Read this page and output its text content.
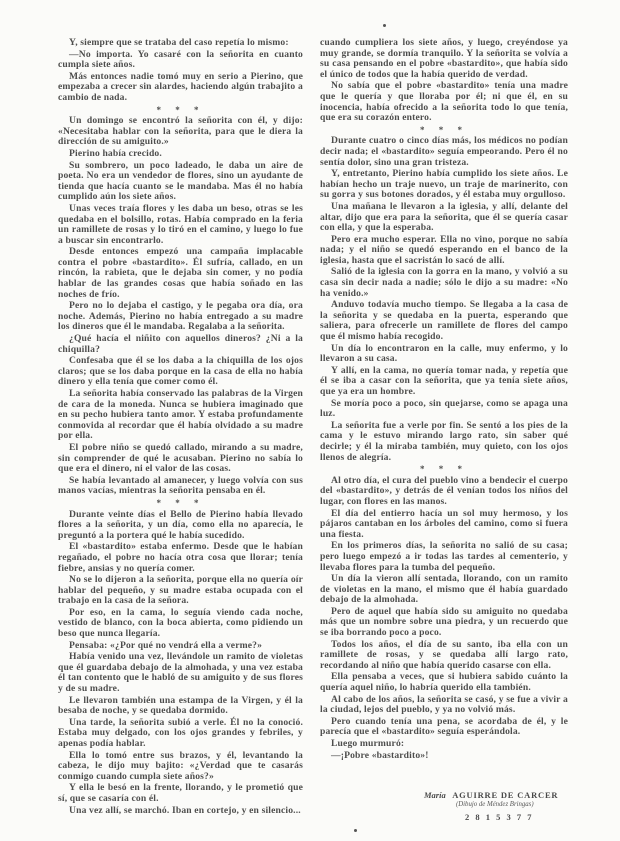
Y, siempre que se trataba del caso repetía lo mismo:

—No importa. Yo casaré con la señorita en cuanto cumpla siete años.

Más entonces nadie tomó muy en serio a Pierino, que empezaba a crecer sin alardes, haciendo algún trabajito a cambio de nada.

* * *

Un domingo se encontró la señorita con él, y dijo: «Necesitaba hablar con la señorita, para que le diera la dirección de su amiguito.»

Pierino había crecido.

Su sombrero, un poco ladeado, le daba un aire de poeta. No era un vendedor de flores, sino un ayudante de tienda que hacía cuanto se le mandaba. Mas él no había cumplido aún los siete años.

Unas veces traía flores y les daba un beso, otras se les quedaba en el bolsillo, rotas. Había comprado en la feria un ramillete de rosas y lo tiró en el camino, y luego lo fue a buscar sin encontrarlo.

Desde entonces empezó una campaña implacable contra el pobre «bastardito». Él sufría, callado, en un rincón, la rabieta, que le dejaba sin comer, y no podía hablar de las grandes cosas que había soñado en las noches de frío.

Pero no lo dejaba el castigo, y le pegaba ora día, ora noche. Además, Pierino no había entregado a su madre los dineros que él le mandaba. Regalaba a la señorita.

¿Qué hacía el niñito con aquellos dineros? ¿Ni a la chiquilla?

Confesaba que él se los daba a la chiquilla de los ojos claros; que se los daba porque en la casa de ella no había dinero y ella tenía que comer como él.

La señorita había conservado las palabras de la Virgen de cara de la moneda. Nunca se hubiera imaginado que en su pecho hubiera tanto amor. Y estaba profundamente conmovida al recordar que él había olvidado a su madre por ella.

El pobre niño se quedó callado, mirando a su madre, sin comprender de qué le acusaban. Pierino no sabía lo que era el dinero, ni el valor de las cosas.

Se había levantado al amanecer, y luego volvía con sus manos vacías, mientras la señorita pensaba en él.

* * *

Durante veinte días el Bello de Pierino había llevado flores a la señorita, y un día, como ella no aparecía, le preguntó a la portera qué le había sucedido.

El «bastardito» estaba enfermo. Desde que le habían regañado, el pobre no hacía otra cosa que llorar; tenía fiebre, ansias y no quería comer.

No se lo dijeron a la señorita, porque ella no quería oír hablar del pequeño, y su madre estaba ocupada con el trabajo en la casa de la señora.

Por eso, en la cama, lo seguía viendo cada noche, vestido de blanco, con la boca abierta, como pidiendo un beso que nunca llegaría.

Pensaba: «¿Por qué no vendrá ella a verme?»

Había venido una vez, llevándole un ramito de violetas que él guardaba debajo de la almohada, y una vez estaba él tan contento que le habló de su amiguito y de sus flores y de su madre.

Le llevaron también una estampa de la Virgen, y él la besaba de noche, y se quedaba dormido.

Una tarde, la señorita subió a verle. Él no la conoció. Estaba muy delgado, con los ojos grandes y febriles, y apenas podía hablar.

Ella lo tomó entre sus brazos, y él, levantando la cabeza, le dijo muy bajito: «¿Verdad que te casarás conmigo cuando cumpla siete años?»

Y ella le besó en la frente, llorando, y le prometió que sí, que se casaría con él.

Una vez allí, se marchó. Iban en cortejo, y en silencio...

cuando cumpliera los siete años, y luego, creyéndose ya muy grande, se dormía tranquilo. Y la señorita se volvía a su casa pensando en el pobre «bastardito», que había sido el único de todos que la había querido de verdad.

No sabía que el pobre «bastardito» tenía una madre que le quería y que lloraba por él; ni que él, en su inocencia, había ofrecido a la señorita todo lo que tenía, que era su corazón entero.

* * *

Durante cuatro o cinco días más, los médicos no podían decir nada; el «bastardito» seguía empeorando. Pero él no sentía dolor, sino una gran tristeza.

Y, entretanto, Pierino había cumplido los siete años. Le habían hecho un traje nuevo, un traje de marinerito, con su gorra y sus botones dorados, y él estaba muy orgulloso.

Una mañana le llevaron a la iglesia, y allí, delante del altar, dijo que era para la señorita, que él se quería casar con ella, y que la esperaba.

Pero era mucho esperar. Ella no vino, porque no sabía nada; y el niño se quedó esperando en el banco de la iglesia, hasta que el sacristán lo sacó de allí.

Salió de la iglesia con la gorra en la mano, y volvió a su casa sin decir nada a nadie; sólo le dijo a su madre: «No ha venido.»

Anduvo todavía mucho tiempo. Se llegaba a la casa de la señorita y se quedaba en la puerta, esperando que saliera, para ofrecerle un ramillete de flores del campo que él mismo había recogido.

Un día lo encontraron en la calle, muy enfermo, y lo llevaron a su casa.

Y allí, en la cama, no quería tomar nada, y repetía que él se iba a casar con la señorita, que ya tenía siete años, que ya era un hombre.

Se moría poco a poco, sin quejarse, como se apaga una luz.

La señorita fue a verle por fin. Se sentó a los pies de la cama y le estuvo mirando largo rato, sin saber qué decirle; y él la miraba también, muy quieto, con los ojos llenos de alegría.

* * *

Al otro día, el cura del pueblo vino a bendecir el cuerpo del «bastardito», y detrás de él venían todos los niños del lugar, con flores en las manos.

El día del entierro hacía un sol muy hermoso, y los pájaros cantaban en los árboles del camino, como si fuera una fiesta.

En los primeros días, la señorita no salió de su casa; pero luego empezó a ir todas las tardes al cementerio, y llevaba flores para la tumba del pequeño.

Un día la vieron allí sentada, llorando, con un ramito de violetas en la mano, el mismo que él había guardado debajo de la almohada.

Pero de aquel que había sido su amiguito no quedaba más que un nombre sobre una piedra, y un recuerdo que se iba borrando poco a poco.

Todos los años, el día de su santo, iba ella con un ramillete de rosas, y se quedaba allí largo rato, recordando al niño que había querido casarse con ella.

Ella pensaba a veces, que si hubiera sabido cuánto la quería aquel niño, lo habría querido ella también.

Al cabo de los años, la señorita se casó, y se fue a vivir a la ciudad, lejos del pueblo, y ya no volvió más.

Pero cuando tenía una pena, se acordaba de él, y le parecía que el «bastardito» seguía esperándola.

Luego murmuró:

—¡Pobre «bastardito»!

María AGUIRRE DE CARCER
(Dibujo de Méndez Bringas)
2 8 1 5 3 7 7
